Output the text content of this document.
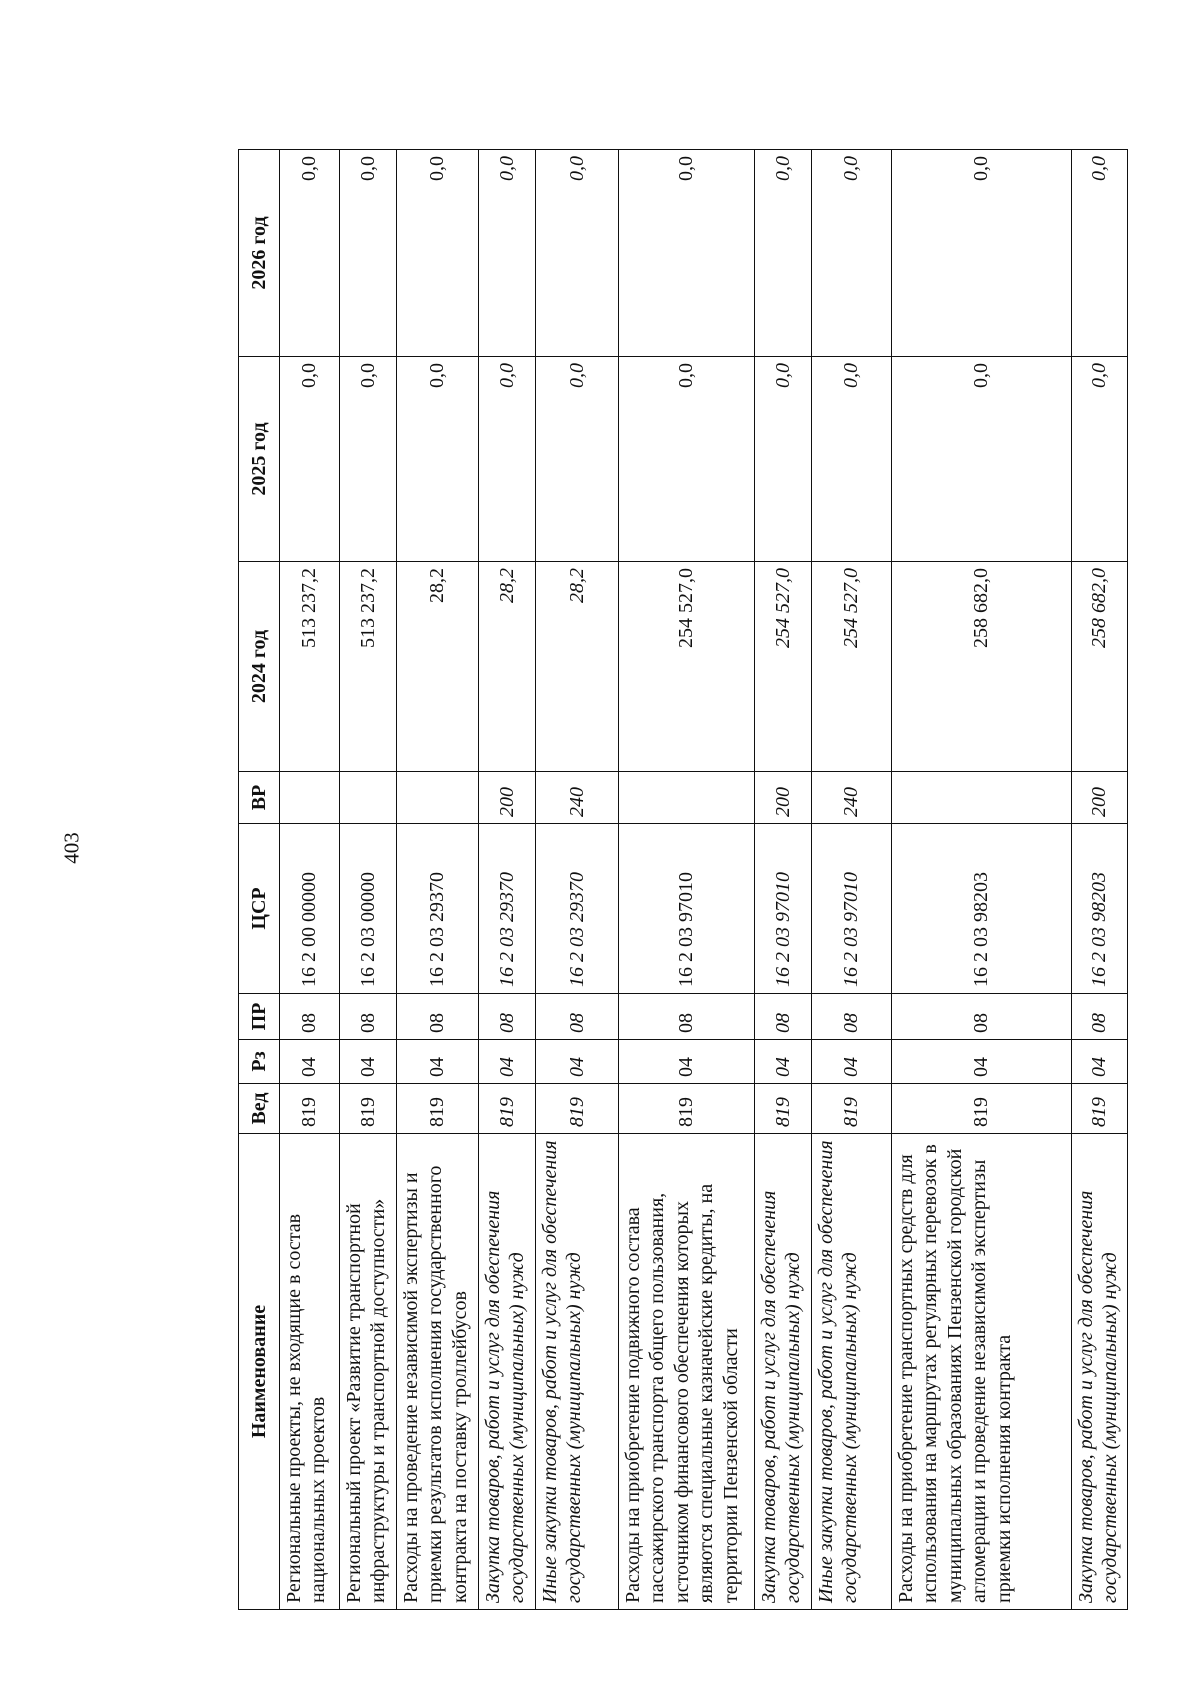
403
Наименование	Вед	Рз	ПР	ЦСР	ВР	2024 год	2025 год	2026 год
Региональные проекты, не входящие в состав национальных проектов	819	04	08	16 2 00 00000		513 237,2	0,0	0,0
Региональный проект «Развитие транспортной инфраструктуры и транспортной доступности»	819	04	08	16 2 03 00000		513 237,2	0,0	0,0
Расходы на проведение независимой экспертизы и приемки результатов исполнения государственного контракта на поставку троллейбусов	819	04	08	16 2 03 29370		28,2	0,0	0,0
Закупка товаров, работ и услуг для обеспечения государственных (муниципальных) нужд	819	04	08	16 2 03 29370	200	28,2	0,0	0,0
Иные закупки товаров, работ и услуг для обеспечения государственных (муниципальных) нужд	819	04	08	16 2 03 29370	240	28,2	0,0	0,0
Расходы на приобретение подвижного состава пассажирского транспорта общего пользования, источником финансового обеспечения которых являются специальные казначейские кредиты, на территории Пензенской области	819	04	08	16 2 03 97010		254 527,0	0,0	0,0
Закупка товаров, работ и услуг для обеспечения государственных (муниципальных) нужд	819	04	08	16 2 03 97010	200	254 527,0	0,0	0,0
Иные закупки товаров, работ и услуг для обеспечения государственных (муниципальных) нужд	819	04	08	16 2 03 97010	240	254 527,0	0,0	0,0
Расходы на приобретение транспортных средств для использования на маршрутах регулярных перевозок в муниципальных образованиях Пензенской городской агломерации и проведение независимой экспертизы приемки исполнения контракта	819	04	08	16 2 03 98203		258 682,0	0,0	0,0
Закупка товаров, работ и услуг для обеспечения государственных (муниципальных) нужд	819	04	08	16 2 03 98203	200	258 682,0	0,0	0,0
